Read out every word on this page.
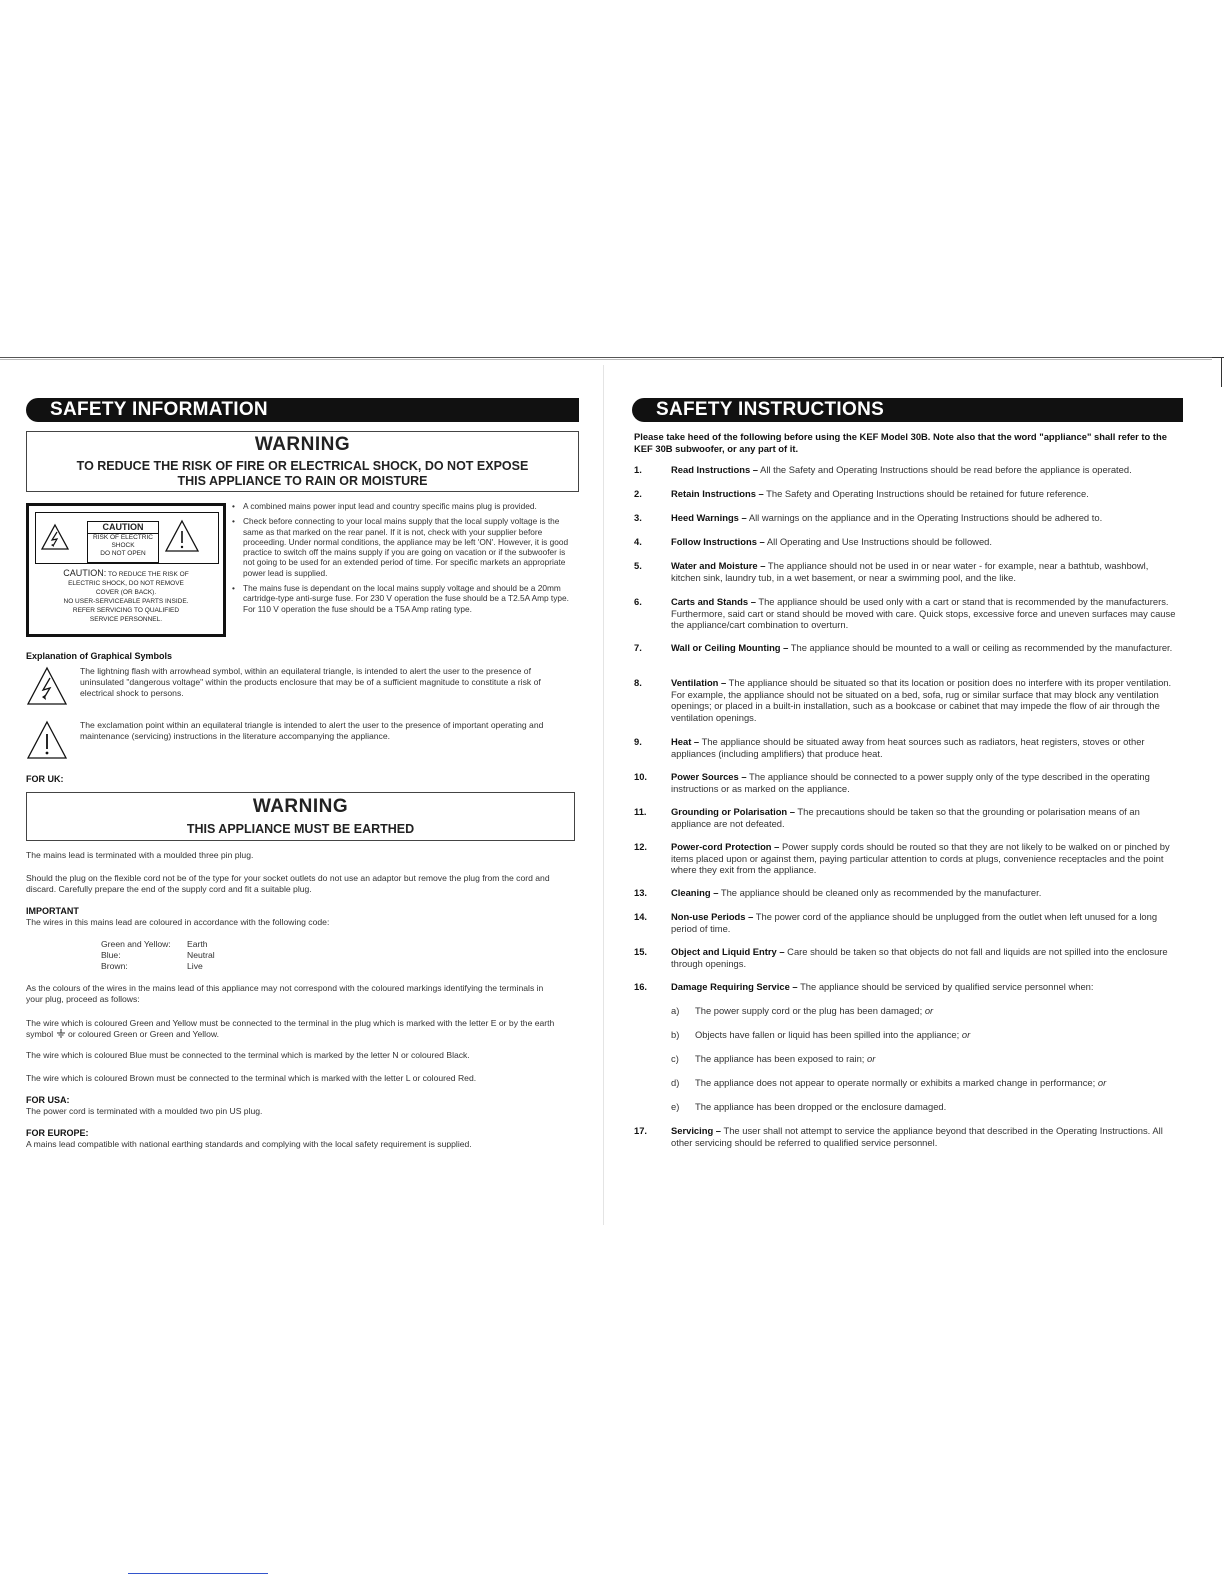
SAFETY INFORMATION
WARNING
TO REDUCE THE RISK OF FIRE OR ELECTRICAL SHOCK, DO NOT EXPOSE
THIS APPLIANCE TO RAIN OR MOISTURE
CAUTION
RISK OF ELECTRIC
SHOCK
DO NOT OPEN
CAUTION: TO REDUCE THE RISK OF
ELECTRIC SHOCK, DO NOT REMOVE
COVER (OR BACK).
NO USER-SERVICEABLE PARTS INSIDE.
REFER SERVICING TO QUALIFIED
SERVICE PERSONNEL.
• A combined mains power input lead and country specific mains plug is provided.
• Check before connecting to your local mains supply that the local supply voltage is the same as that marked on the rear panel. If it is not, check with your supplier before proceeding. Under normal conditions, the appliance may be left 'ON'. However, it is good practice to switch off the mains supply if you are going on vacation or if the subwoofer is not going to be used for an extended period of time. For specific markets an appropriate power lead is supplied.
• The mains fuse is dependant on the local mains supply voltage and should be a 20mm cartridge-type anti-surge fuse. For 230 V operation the fuse should be a T2.5A Amp type. For 110 V operation the fuse should be a T5A Amp rating type.
Explanation of Graphical Symbols
The lightning flash with arrowhead symbol, within an equilateral triangle, is intended to alert the user to the presence of uninsulated "dangerous voltage" within the products enclosure that may be of a sufficient magnitude to constitute a risk of electrical shock to persons.
The exclamation point within an equilateral triangle is intended to alert the user to the presence of important operating and maintenance (servicing) instructions in the literature accompanying the appliance.
FOR UK:
WARNING
THIS APPLIANCE MUST BE EARTHED
The mains lead is terminated with a moulded three pin plug.
Should the plug on the flexible cord not be of the type for your socket outlets do not use an adaptor but remove the plug from the cord and discard. Carefully prepare the end of the supply cord and fit a suitable plug.
IMPORTANT
The wires in this mains lead are coloured in accordance with the following code:
Green and Yellow: Earth
Blue:	Neutral
Brown:	Live
As the colours of the wires in the mains lead of this appliance may not correspond with the coloured markings identifying the terminals in your plug, proceed as follows:
The wire which is coloured Green and Yellow must be connected to the terminal in the plug which is marked with the letter E or by the earth symbol or coloured Green or Green and Yellow.
The wire which is coloured Blue must be connected to the terminal which is marked by the letter N or coloured Black.
The wire which is coloured Brown must be connected to the terminal which is marked with the letter L or coloured Red.
FOR USA:
The power cord is terminated with a moulded two pin US plug.
FOR EUROPE:
A mains lead compatible with national earthing standards and complying with the local safety requirement is supplied.
SAFETY INSTRUCTIONS
Please take heed of the following before using the KEF Model 30B. Note also that the word "appliance" shall refer to the KEF 30B subwoofer, or any part of it.
1.	Read Instructions – All the Safety and Operating Instructions should be read before the appliance is operated.
2.	Retain Instructions – The Safety and Operating Instructions should be retained for future reference.
3.	Heed Warnings – All warnings on the appliance and in the Operating Instructions should be adhered to.
4.	Follow Instructions – All Operating and Use Instructions should be followed.
5.	Water and Moisture – The appliance should not be used in or near water - for example, near a bathtub, washbowl, kitchen sink, laundry tub, in a wet basement, or near a swimming pool, and the like.
6.	Carts and Stands – The appliance should be used only with a cart or stand that is recommended by the manufacturers. Furthermore, said cart or stand should be moved with care. Quick stops, excessive force and uneven surfaces may cause the appliance/cart combination to overturn.
7.	Wall or Ceiling Mounting – The appliance should be mounted to a wall or ceiling as recommended by the manufacturer.
8.	Ventilation – The appliance should be situated so that its location or position does no interfere with its proper ventilation. For example, the appliance should not be situated on a bed, sofa, rug or similar surface that may block any ventilation openings; or placed in a built-in installation, such as a bookcase or cabinet that may impede the flow of air through the ventilation openings.
9.	Heat – The appliance should be situated away from heat sources such as radiators, heat registers, stoves or other appliances (including amplifiers) that produce heat.
10.	Power Sources – The appliance should be connected to a power supply only of the type described in the operating instructions or as marked on the appliance.
11.	Grounding or Polarisation – The precautions should be taken so that the grounding or polarisation means of an appliance are not defeated.
12.	Power-cord Protection – Power supply cords should be routed so that they are not likely to be walked on or pinched by items placed upon or against them, paying particular attention to cords at plugs, convenience receptacles and the point where they exit from the appliance.
13.	Cleaning – The appliance should be cleaned only as recommended by the manufacturer.
14.	Non-use Periods – The power cord of the appliance should be unplugged from the outlet when left unused for a long period of time.
15.	Object and Liquid Entry – Care should be taken so that objects do not fall and liquids are not spilled into the enclosure through openings.
16.	Damage Requiring Service – The appliance should be serviced by qualified service personnel when:
a) The power supply cord or the plug has been damaged; or
b) Objects have fallen or liquid has been spilled into the appliance; or
c) The appliance has been exposed to rain; or
d) The appliance does not appear to operate normally or exhibits a marked change in performance; or
e) The appliance has been dropped or the enclosure damaged.
17.	Servicing – The user shall not attempt to service the appliance beyond that described in the Operating Instructions. All other servicing should be referred to qualified service personnel.
